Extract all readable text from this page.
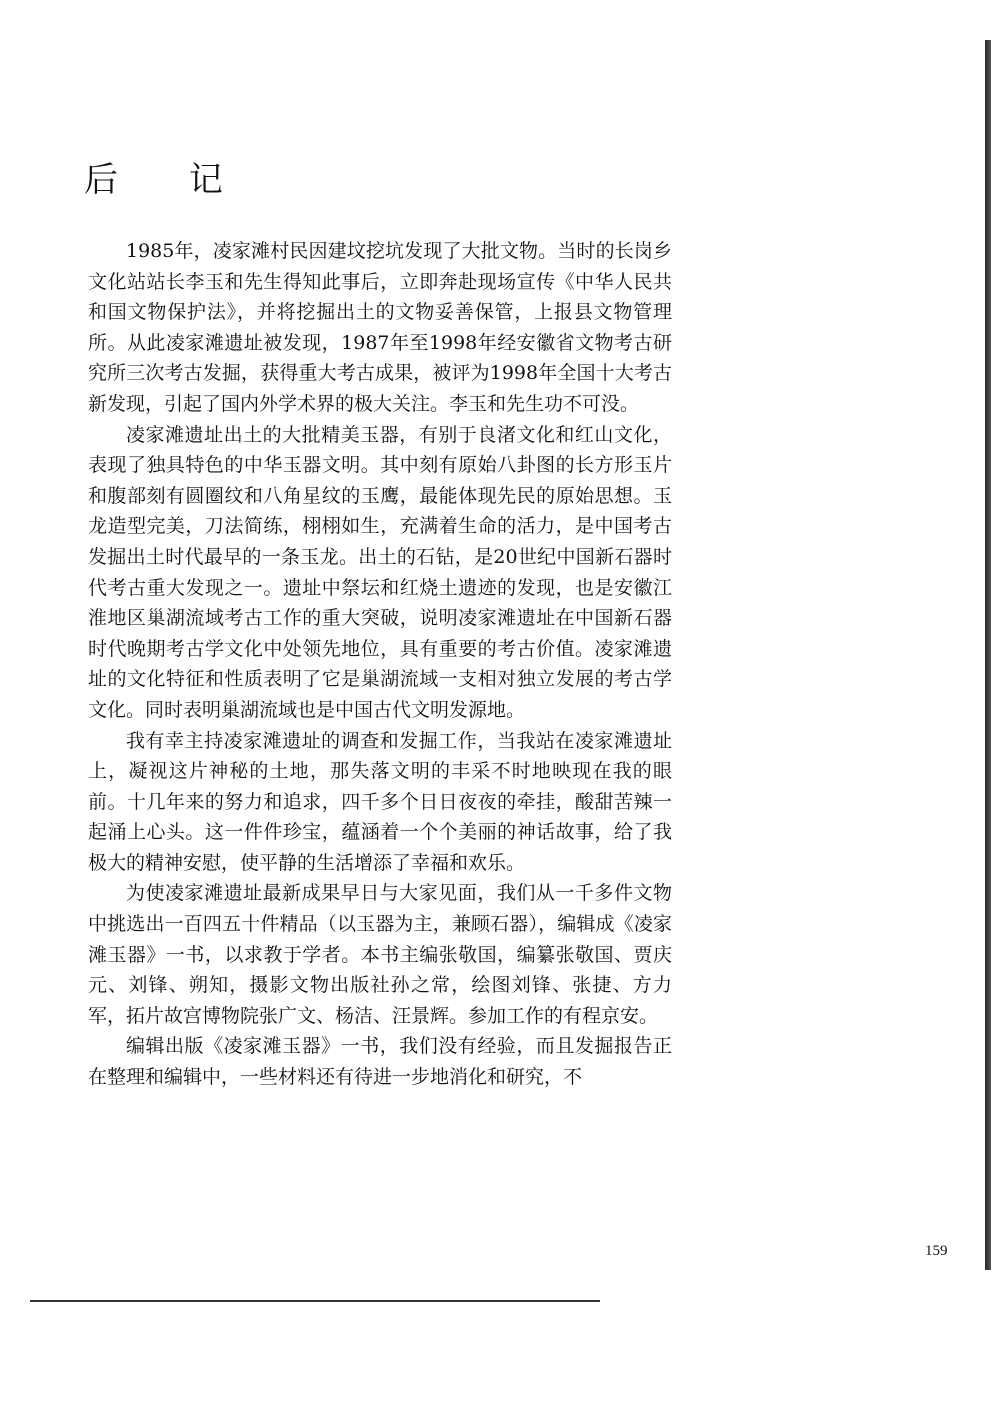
后 记

1985年，凌家滩村民因建坟挖坑发现了大批文物。当时的长岗乡文化站站长李玉和先生得知此事后，立即奔赴现场宣传《中华人民共和国文物保护法》，并将挖掘出土的文物妥善保管，上报县文物管理所。从此凌家滩遗址被发现，1987年至1998年经安徽省文物考古研究所三次考古发掘，获得重大考古成果，被评为1998年全国十大考古新发现，引起了国内外学术界的极大关注。李玉和先生功不可没。

凌家滩遗址出土的大批精美玉器，有别于良渚文化和红山文化，表现了独具特色的中华玉器文明。其中刻有原始八卦图的长方形玉片和腹部刻有圆圈纹和八角星纹的玉鹰，最能体现先民的原始思想。玉龙造型完美，刀法简练，栩栩如生，充满着生命的活力，是中国考古发掘出土时代最早的一条玉龙。出土的石钻，是20世纪中国新石器时代考古重大发现之一。遗址中祭坛和红烧土遗迹的发现，也是安徽江淮地区巢湖流域考古工作的重大突破，说明凌家滩遗址在中国新石器时代晚期考古学文化中处领先地位，具有重要的考古价值。凌家滩遗址的文化特征和性质表明了它是巢湖流域一支相对独立发展的考古学文化。同时表明巢湖流域也是中国古代文明发源地。

我有幸主持凌家滩遗址的调查和发掘工作，当我站在凌家滩遗址上，凝视这片神秘的土地，那失落文明的丰采不时地映现在我的眼前。十几年来的努力和追求，四千多个日日夜夜的牵挂，酸甜苦辣一起涌上心头。这一件件珍宝，蕴涵着一个个美丽的神话故事，给了我极大的精神安慰，使平静的生活增添了幸福和欢乐。

为使凌家滩遗址最新成果早日与大家见面，我们从一千多件文物中挑选出一百四五十件精品（以玉器为主，兼顾石器），编辑成《凌家滩玉器》一书，以求教于学者。本书主编张敬国，编纂张敬国、贾庆元、刘锋、朔知，摄影文物出版社孙之常，绘图刘锋、张捷、方力军，拓片故宫博物院张广文、杨洁、汪景辉。参加工作的有程京安。

编辑出版《凌家滩玉器》一书，我们没有经验，而且发掘报告正在整理和编辑中，一些材料还有待进一步地消化和研究，不

159
